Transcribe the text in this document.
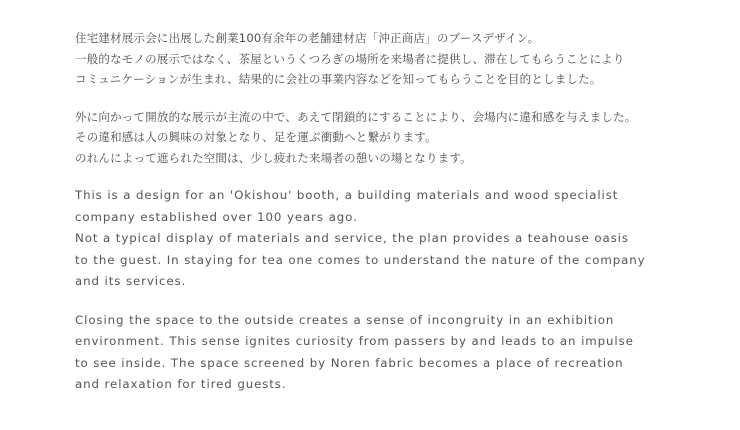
住宅建材展示会に出展した創業100有余年の老舗建材店「沖正商店」のブースデザイン。
一般的なモノの展示ではなく、茶屋というくつろぎの場所を来場者に提供し、滞在してもらうことにより
コミュニケーションが生まれ、結果的に会社の事業内容などを知ってもらうことを目的としました。

外に向かって開放的な展示が主流の中で、あえて閉鎖的にすることにより、会場内に違和感を与えました。
その違和感は人の興味の対象となり、足を運ぶ衝動へと繋がります。
のれんによって遮られた空間は、少し疲れた来場者の憩いの場となります。

This is a design for an 'Okishou' booth, a building materials and wood specialist
company established over 100 years ago.
Not a typical display of materials and service, the plan provides a teahouse oasis
to the guest. In staying for tea one comes to understand the nature of the company
and its services.

Closing the space to the outside creates a sense of incongruity in an exhibition
environment. This sense ignites curiosity from passers by and leads to an impulse
to see inside. The space screened by Noren fabric becomes a place of recreation
and relaxation for tired guests.
